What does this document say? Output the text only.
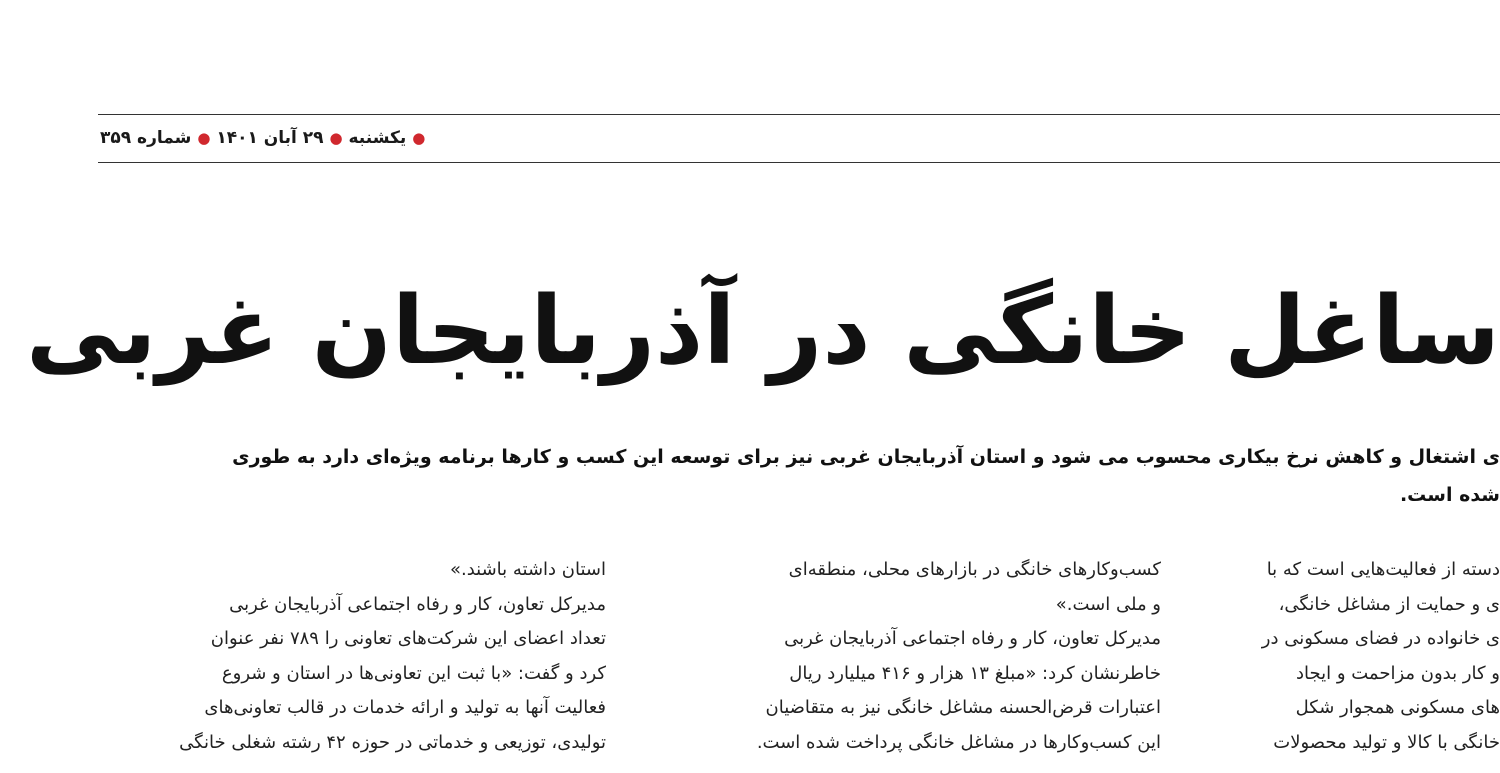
● یکشنبه ● ۲۹ آبان ۱۴۰۱ ● شماره ۳۵۹
ساغل خانگی در آذربایجان غربی
ی اشتغال و کاهش نرخ بیکاری محسوب می شود و استان آذربایجان غربی نیز برای توسعه این کسب و کارها برنامه ویژه‌ای دارد به طوری
شده است.
استان داشته باشند.»
مدیرکل تعاون، کار و رفاه اجتماعی آذربایجان غربی
تعداد اعضای این شرکت‌های تعاونی را ۷۸۹ نفر عنوان
کرد و گفت: «با ثبت این تعاونی‌ها در استان و شروع
فعالیت آنها به تولید و ارائه خدمات در قالب تعاونی‌های
تولیدی، توزیعی و خدماتی در حوزه ۴۲ رشته شغلی خانگی
کسب‌وکارهای خانگی در بازارهای محلی، منطقه‌ای
و ملی است.»
مدیرکل تعاون، کار و رفاه اجتماعی آذربایجان غربی
خاطرنشان کرد: «مبلغ ۱۳ هزار و ۴۱۶ میلیارد ریال
اعتبارات قرض‌الحسنه مشاغل خانگی نیز به متقاضیان
این کسب‌وکارها در مشاغل خانگی پرداخت شده است.
دسته از فعالیت‌هایی است که با
ی و حمایت از مشاغل خانگی،
ی خانواده در فضای مسکونی در
و کار بدون مزاحمت و ایجاد
های مسکونی همجوار شکل
خانگی با کالا و تولید محصولات
